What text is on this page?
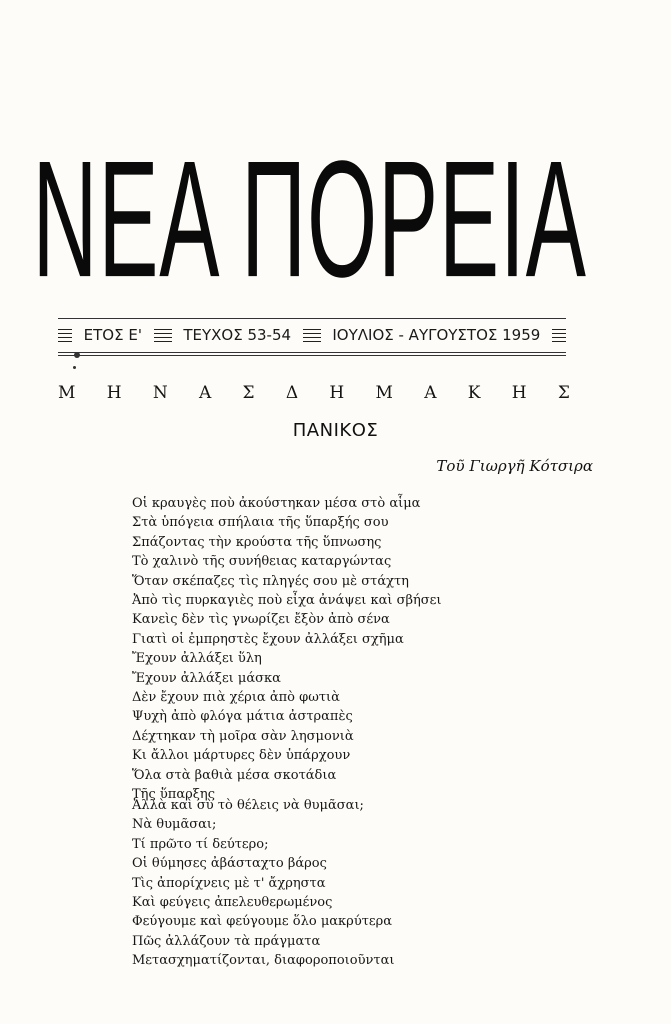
ΝΕΑ ΠΟΡΕΙΑ
ΕΤΟΣ Ε'	ΤΕΥΧΟΣ 53-54	ΙΟΥΛΙΟΣ - ΑΥΓΟΥΣΤΟΣ 1959
Μ Η Ν Α Σ Δ Η Μ Α Κ Η Σ
ΠΑΝΙΚΟΣ
Τοῦ Γιωργῆ Κότσιρα
Οἱ κραυγὲς ποὺ ἀκούστηκαν μέσα στὸ αἷμα
Στὰ ὑπόγεια σπήλαια τῆς ὕπαρξής σου
Σπάζοντας τὴν κρούστα τῆς ὕπνωσης
Τὸ χαλινὸ τῆς συνήθειας καταργώντας
Ὅταν σκέπαζες τὶς πληγές σου μὲ στάχτη
Ἀπὸ τὶς πυρκαγιὲς ποὺ εἶχα ἀνάψει καὶ σβήσει
Κανεὶς δὲν τὶς γνωρίζει ἔξὸν ἀπὸ σένα
Γιατὶ οἱ ἐμπρηστὲς ἔχουν ἀλλάξει σχῆμα
Ἔχουν ἀλλάξει ὕλη
Ἔχουν ἀλλάξει μάσκα
Δὲν ἔχουν πιὰ χέρια ἀπὸ φωτιὰ
Ψυχὴ ἀπὸ φλόγα μάτια ἀστραπὲς
Δέχτηκαν τὴ μοῖρα σὰν λησμονιὰ
Κι ἄλλοι μάρτυρες δὲν ὑπάρχουν
Ὅλα στὰ βαθιὰ μέσα σκοτάδια
Τῆς ὕπαρξης
Ἀλλὰ καὶ σὺ τὸ θέλεις νὰ θυμᾶσαι;
Νὰ θυμᾶσαι;
Τί πρῶτο τί δεύτερο;
Οἱ θύμησες ἀβάσταχτο βάρος
Τὶς ἀπορίχνεις μὲ τ' ἄχρηστα
Καὶ φεύγεις ἀπελευθερωμένος
Φεύγουμε καὶ φεύγουμε ὅλο μακρύτερα
Πῶς ἀλλάζουν τὰ πράγματα
Μετασχηματίζονται, διαφοροποιοῦνται
